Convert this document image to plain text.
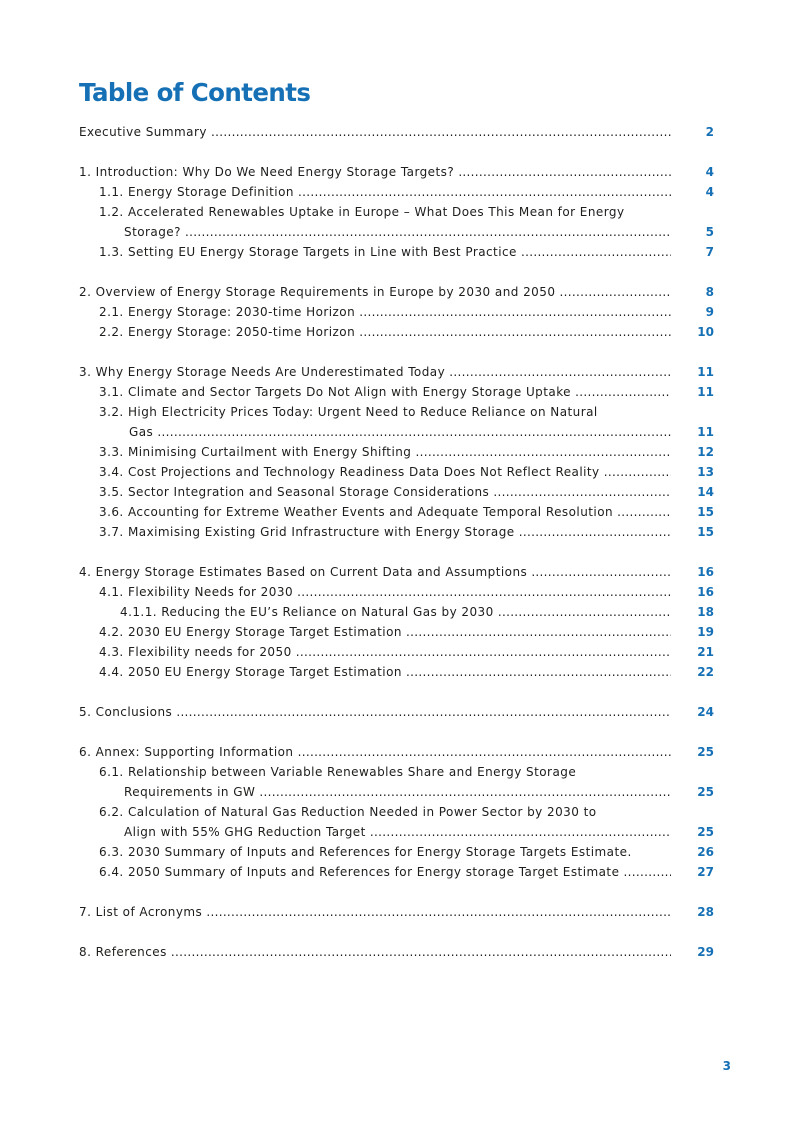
Table of Contents
Executive Summary .....	2
1. Introduction: Why Do We Need Energy Storage Targets? .....	4
1.1. Energy Storage Definition .....	4
1.2. Accelerated Renewables Uptake in Europe – What Does This Mean for Energy
Storage? .....	5
1.3. Setting EU Energy Storage Targets in Line with Best Practice .....	7
2. Overview of Energy Storage Requirements in Europe by 2030 and 2050 .....	8
2.1. Energy Storage: 2030-time Horizon .....	9
2.2. Energy Storage: 2050-time Horizon .....	10
3. Why Energy Storage Needs Are Underestimated Today .....	11
3.1. Climate and Sector Targets Do Not Align with Energy Storage Uptake .....	11
3.2. High Electricity Prices Today: Urgent Need to Reduce Reliance on Natural
Gas .....	11
3.3. Minimising Curtailment with Energy Shifting .....	12
3.4. Cost Projections and Technology Readiness Data Does Not Reflect Reality .....	13
3.5. Sector Integration and Seasonal Storage Considerations .....	14
3.6. Accounting for Extreme Weather Events and Adequate Temporal Resolution .....	15
3.7. Maximising Existing Grid Infrastructure with Energy Storage .....	15
4. Energy Storage Estimates Based on Current Data and Assumptions .....	16
4.1. Flexibility Needs for 2030 .....	16
4.1.1. Reducing the EU’s Reliance on Natural Gas by 2030 .....	18
4.2. 2030 EU Energy Storage Target Estimation .....	19
4.3. Flexibility needs for 2050 .....	21
4.4. 2050 EU Energy Storage Target Estimation .....	22
5. Conclusions .....	24
6. Annex: Supporting Information .....	25
6.1. Relationship between Variable Renewables Share and Energy Storage
Requirements in GW .....	25
6.2. Calculation of Natural Gas Reduction Needed in Power Sector by 2030 to
Align with 55% GHG Reduction Target .....	25
6.3. 2030 Summary of Inputs and References for Energy Storage Targets Estimate.	26
6.4. 2050 Summary of Inputs and References for Energy storage Target Estimate .....	27
7. List of Acronyms .....	28
8. References .....	29
3
